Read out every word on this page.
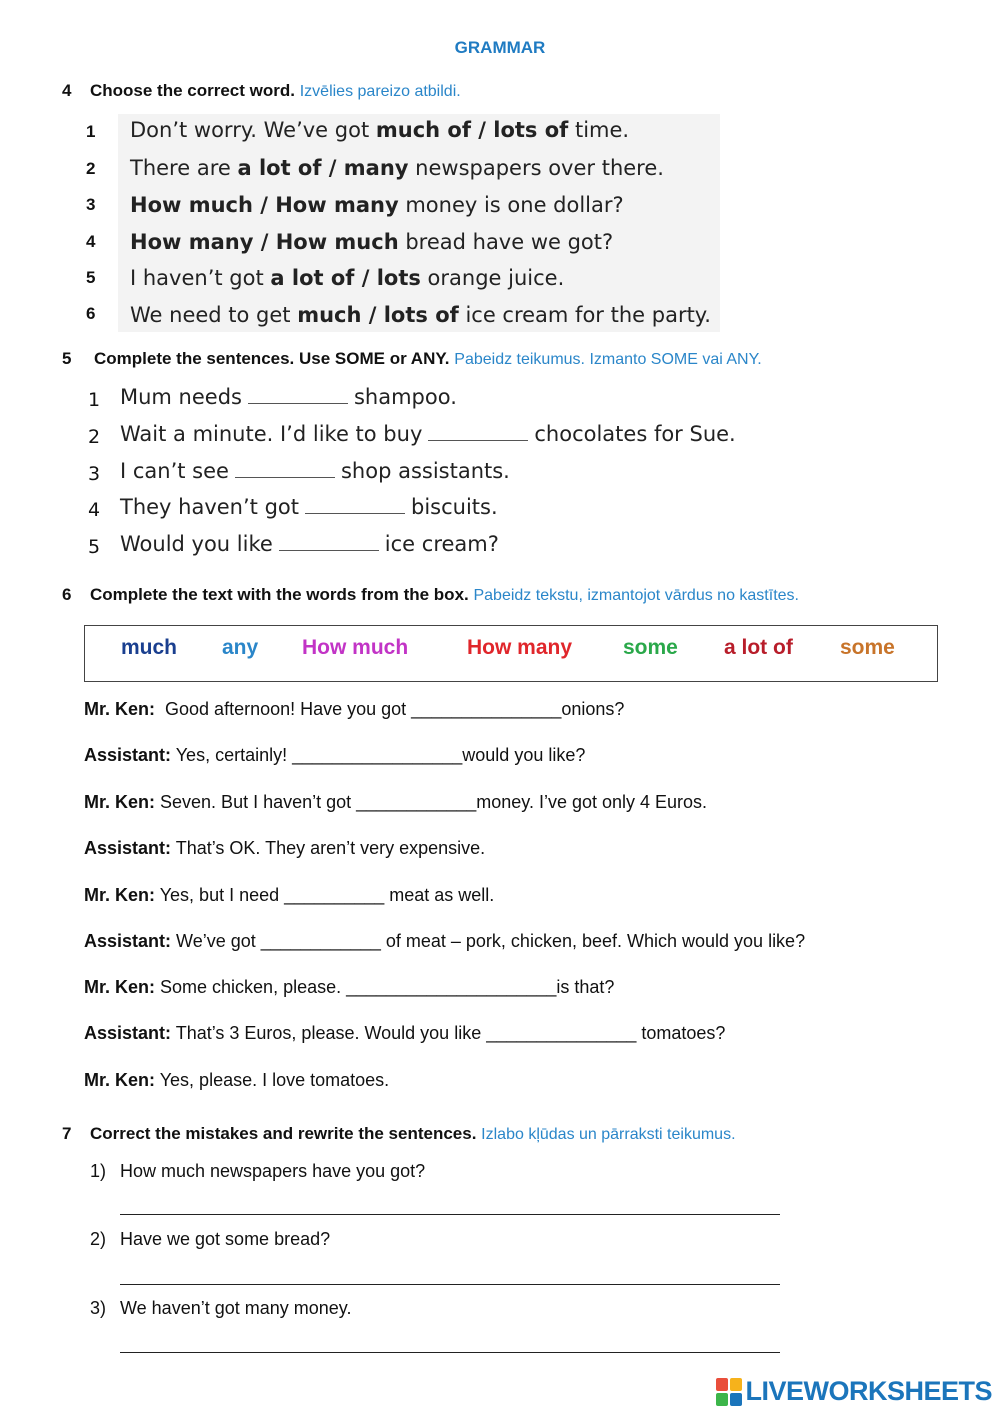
GRAMMAR
4 Choose the correct word. Izvēlies pareizo atbildi.
1 Don’t worry. We’ve got much of / lots of time.
2 There are a lot of / many newspapers over there.
3 How much / How many money is one dollar?
4 How many / How much bread have we got?
5 I haven’t got a lot of / lots orange juice.
6 We need to get much / lots of ice cream for the party.
5 Complete the sentences. Use SOME or ANY. Pabeidz teikumus. Izmanto SOME vai ANY.
1 Mum needs	shampoo.
2 Wait a minute. I’d like to buy	chocolates for Sue.
3 I can’t see	shop assistants.
4 They haven’t got	biscuits.
5 Would you like	ice cream?
6 Complete the text with the words from the box. Pabeidz tekstu, izmantojot vārdus no kastītes.
much any How much	How many some a lot of some
Mr. Ken:  Good afternoon! Have you got _______________onions?
Assistant: Yes, certainly! _________________would you like?
Mr. Ken: Seven. But I haven’t got ____________money. I’ve got only 4 Euros.
Assistant: That’s OK. They aren’t very expensive.
Mr. Ken: Yes, but I need __________ meat as well.
Assistant: We’ve got ____________ of meat – pork, chicken, beef. Which would you like?
Mr. Ken: Some chicken, please. _____________________is that?
Assistant: That’s 3 Euros, please. Would you like _______________ tomatoes?
Mr. Ken: Yes, please. I love tomatoes.
7 Correct the mistakes and rewrite the sentences. Izlabo kļūdas un pārraksti teikumus.
1) How much newspapers have you got?
2) Have we got some bread?
3) We haven’t got many money.
LIVEWORKSHEETS
